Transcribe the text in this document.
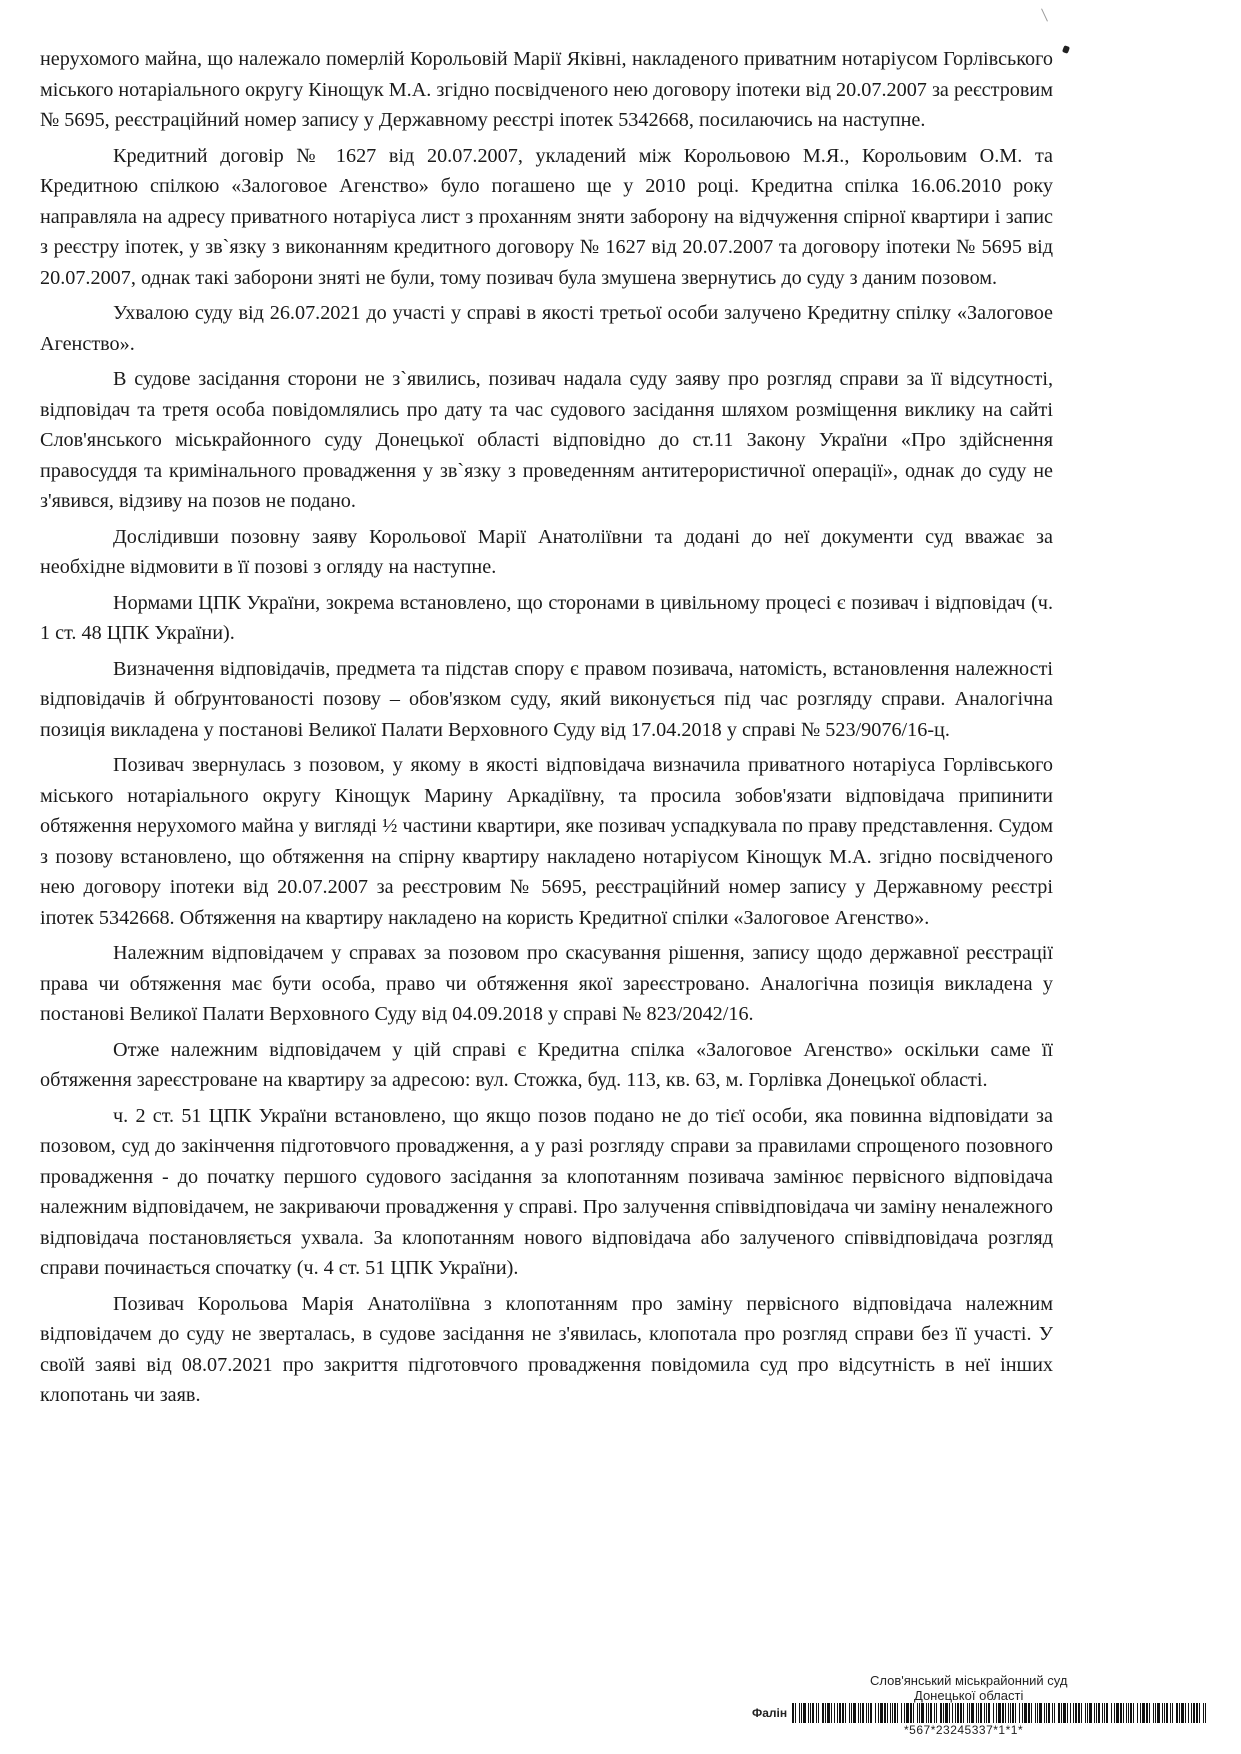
нерухомого майна, що належало померлій Корольовій Марії Яківні, накладеного приватним нотаріусом Горлівського міського нотаріального округу Кінощук М.А. згідно посвідченого нею договору іпотеки від 20.07.2007 за реєстровим № 5695, реєстраційний номер запису у Державному реєстрі іпотек 5342668, посилаючись на наступне.

Кредитний договір № 1627 від 20.07.2007, укладений між Корольовою М.Я., Корольовим О.М. та Кредитною спілкою «Залоговое Агенство» було погашено ще у 2010 році. Кредитна спілка 16.06.2010 року направляла на адресу приватного нотаріуса лист з проханням зняти заборону на відчуження спірної квартири і запис з реєстру іпотек, у зв`язку з виконанням кредитного договору № 1627 від 20.07.2007 та договору іпотеки № 5695 від 20.07.2007, однак такі заборони зняті не були, тому позивач була змушена звернутись до суду з даним позовом.

Ухвалою суду від 26.07.2021 до участі у справі в якості третьої особи залучено Кредитну спілку «Залоговое Агенство».

В судове засідання сторони не з`явились, позивач надала суду заяву про розгляд справи за її відсутності, відповідач та третя особа повідомлялись про дату та час судового засідання шляхом розміщення виклику на сайті Слов'янського міськрайонного суду Донецької області відповідно до ст.11 Закону України «Про здійснення правосуддя та кримінального провадження у зв`язку з проведенням антитерористичної операції», однак до суду не з'явився, відзиву на позов не подано.

Дослідивши позовну заяву Корольової Марії Анатоліївни та додані до неї документи суд вважає за необхідне відмовити в її позові з огляду на наступне.

Нормами ЦПК України, зокрема встановлено, що сторонами в цивільному процесі є позивач і відповідач (ч. 1 ст. 48 ЦПК України).

Визначення відповідачів, предмета та підстав спору є правом позивача, натомість, встановлення належності відповідачів й обґрунтованості позову – обов'язком суду, який виконується під час розгляду справи. Аналогічна позиція викладена у постанові Великої Палати Верховного Суду від 17.04.2018 у справі № 523/9076/16-ц.

Позивач звернулась з позовом, у якому в якості відповідача визначила приватного нотаріуса Горлівського міського нотаріального округу Кінощук Марину Аркадіївну, та просила зобов'язати відповідача припинити обтяження нерухомого майна у вигляді ½ частини квартири, яке позивач успадкувала по праву представлення. Судом з позову встановлено, що обтяження на спірну квартиру накладено нотаріусом Кінощук М.А. згідно посвідченого нею договору іпотеки від 20.07.2007 за реєстровим № 5695, реєстраційний номер запису у Державному реєстрі іпотек 5342668. Обтяження на квартиру накладено на користь Кредитної спілки «Залоговое Агенство».

Належним відповідачем у справах за позовом про скасування рішення, запису щодо державної реєстрації права чи обтяження має бути особа, право чи обтяження якої зареєстровано. Аналогічна позиція викладена у постанові Великої Палати Верховного Суду від 04.09.2018 у справі № 823/2042/16.

Отже належним відповідачем у цій справі є Кредитна спілка «Залоговое Агенство» оскільки саме її обтяження зареєстроване на квартиру за адресою: вул. Стожка, буд. 113, кв. 63, м. Горлівка Донецької області.

ч. 2 ст. 51 ЦПК України встановлено, що якщо позов подано не до тієї особи, яка повинна відповідати за позовом, суд до закінчення підготовчого провадження, а у разі розгляду справи за правилами спрощеного позовного провадження - до початку першого судового засідання за клопотанням позивача замінює первісного відповідача належним відповідачем, не закриваючи провадження у справі. Про залучення співвідповідача чи заміну неналежного відповідача постановляється ухвала. За клопотанням нового відповідача або залученого співвідповідача розгляд справи починається спочатку (ч. 4 ст. 51 ЦПК України).

Позивач Корольова Марія Анатоліївна з клопотанням про заміну первісного відповідача належним відповідачем до суду не зверталась, в судове засідання не з'явилась, клопотала про розгляд справи без її участі. У своїй заяві від 08.07.2021 про закриття підготовчого провадження повідомила суд про відсутність в неї інших клопотань чи заяв.

Слов'янський міськрайонний суд
Донецької області
Фалін
*567*23245337*1*1*
